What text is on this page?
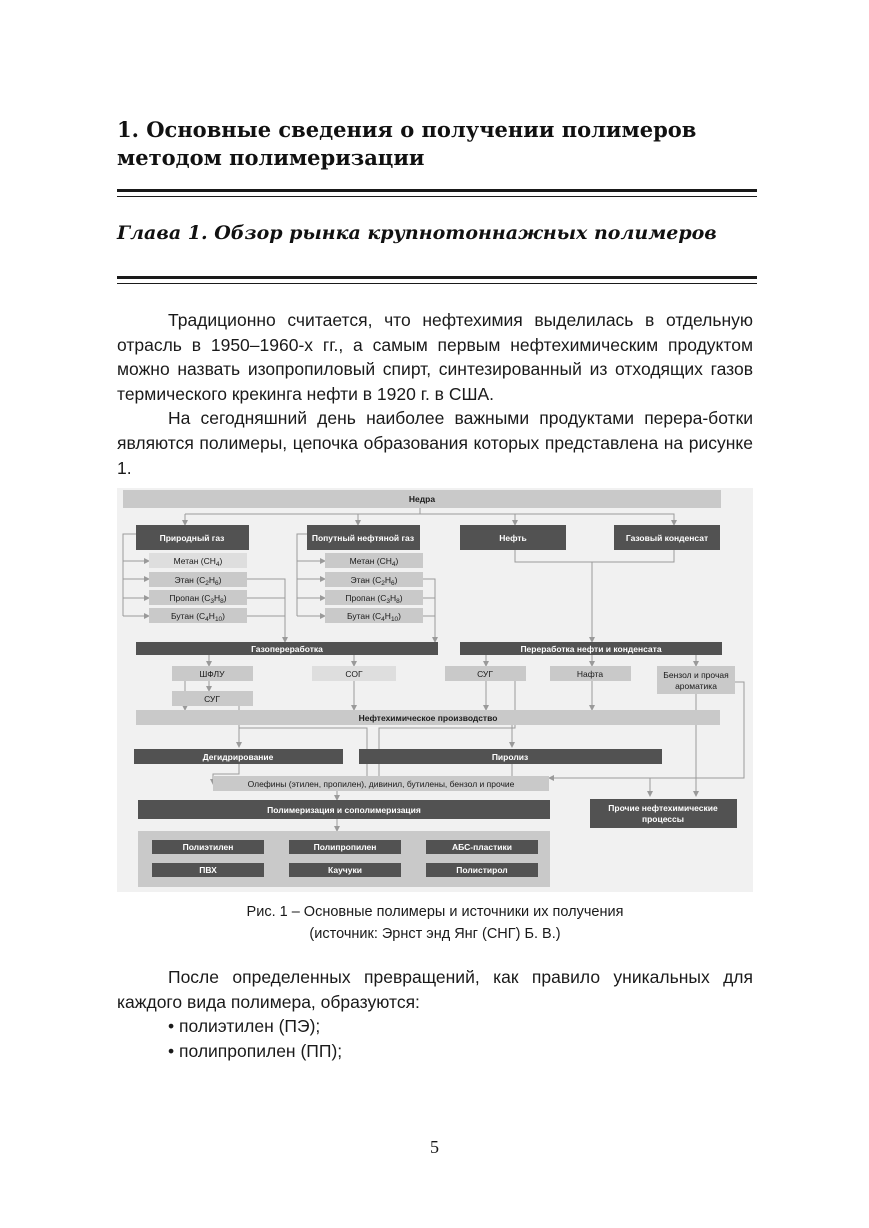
1. Основные сведения о получении полимеров
методом полимеризации
Глава 1. Обзор рынка крупнотоннажных полимеров

Традиционно считается, что нефтехимия выделилась в отдельную отрасль в 1950–1960-х гг., а самым первым нефтехимическим продуктом можно назвать изопропиловый спирт, синтезированный из отходящих газов термического крекинга нефти в 1920 г. в США.

На сегодняшний день наиболее важными продуктами перера-ботки являются полимеры, цепочка образования которых представлена на рисунке 1.

Недра
Природный газ	Попутный нефтяной газ	Нефть	Газовый конденсат
Метан $(CH_4)$
Этан $(C_2H_6)$
Пропан $(C_3H_8)$
Бутан $(C_4H_{10})$
Метан $(CH_4)$
Этан $(C_2H_6)$
Пропан $(C_3H_8)$
Бутан $(C_4H_{10})$
Газопереработка	Переработка нефти и конденсата
ШФЛУ	СОГ
СУГ
СУГ	Нафта	Бензол и прочая
ароматика
Нефтехимическое производство
Дегидрирование	Пиролиз
Олефины (этилен, пропилен), дивинил, бутилены, бензол и прочие
Полимеризация и сополимеризация	Прочие нефтехимические
процессы
Полиэтилен	Полипропилен	АБС-пластики
ПВХ	Каучуки	Полистирол
Рис. 1 – Основные полимеры и источники их получения
(источник: Эрнст энд Янг (СНГ) Б. В.)

После определенных превращений, как правило уникальных для каждого вида полимера, образуются:

• полиэтилен (ПЭ);

• полипропилен (ПП);

5
